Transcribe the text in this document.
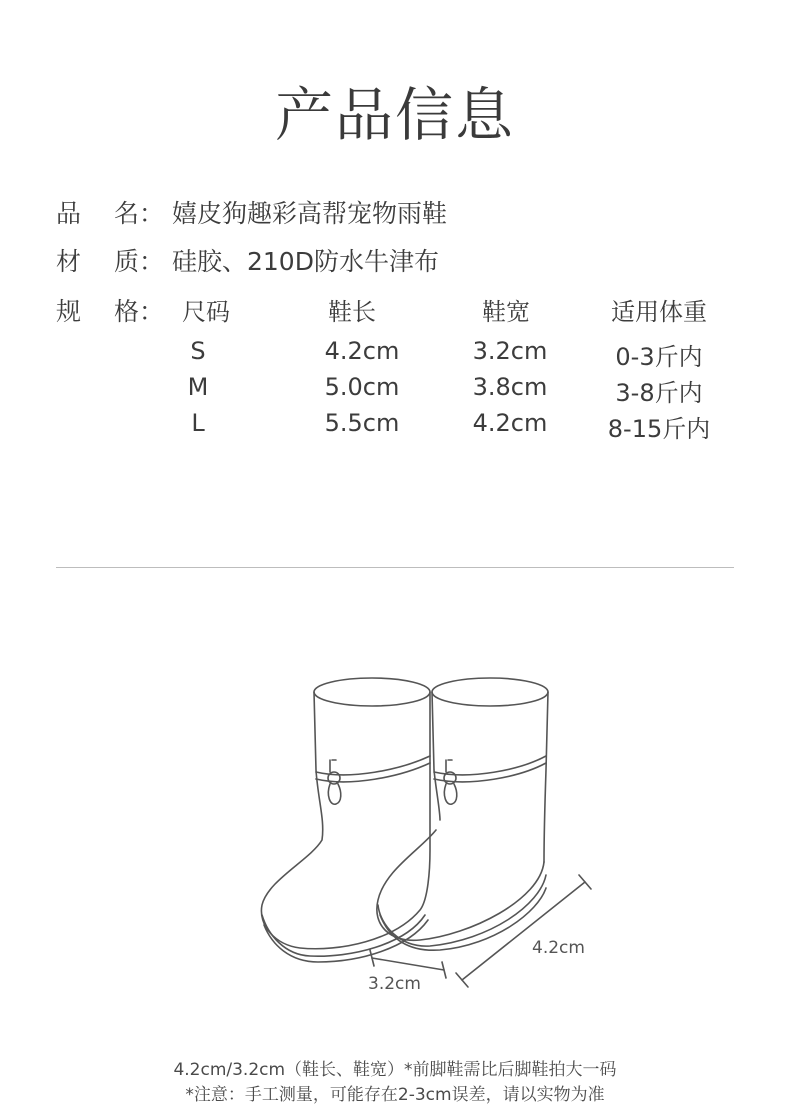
产品信息
品 名： 嬉皮狗趣彩高帮宠物雨鞋
材 质： 硅胶、210D防水牛津布
规 格： 尺码	鞋长	鞋宽	适用体重
S	4.2cm	3.2cm	0-3斤内
M	5.0cm	3.8cm	3-8斤内
L	5.5cm	4.2cm	8-15斤内
4.2cm
3.2cm
4.2cm/3.2cm（鞋长、鞋宽）*前脚鞋需比后脚鞋拍大一码
*注意：手工测量，可能存在2-3cm误差，请以实物为准
